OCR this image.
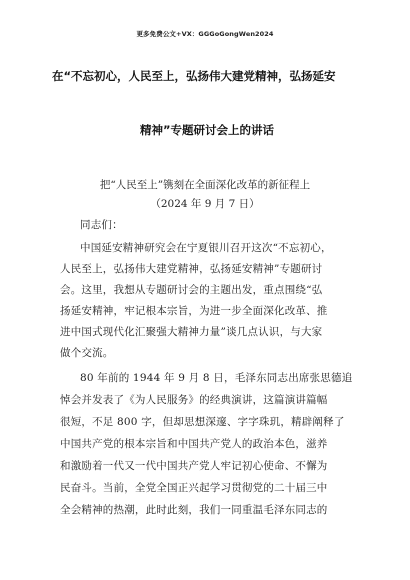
更多免费公文+VX：GGGoGongWen2024
在“不忘初心，人民至上，弘扬伟大建党精神，弘扬延安
精神”专题研讨会上的讲话
把“人民至上”镌刻在全面深化改革的新征程上
（2024 年 9 月 7 日）
同志们：
中国延安精神研究会在宁夏银川召开这次“不忘初心，
人民至上，弘扬伟大建党精神，弘扬延安精神”专题研讨
会。这里，我想从专题研讨会的主题出发，重点围绕“弘
扬延安精神，牢记根本宗旨，为进一步全面深化改革、推
进中国式现代化汇聚强大精神力量”谈几点认识，与大家
做个交流。
80 年前的 1944 年 9 月 8 日，毛泽东同志出席张思德追
悼会并发表了《为人民服务》的经典演讲，这篇演讲篇幅
很短，不足 800 字，但却思想深邃、字字珠玑，精辟阐释了
中国共产党的根本宗旨和中国共产党人的政治本色，滋养
和激励着一代又一代中国共产党人牢记初心使命、不懈为
民奋斗。当前，全党全国正兴起学习贯彻党的二十届三中
全会精神的热潮，此时此刻，我们一同重温毛泽东同志的
